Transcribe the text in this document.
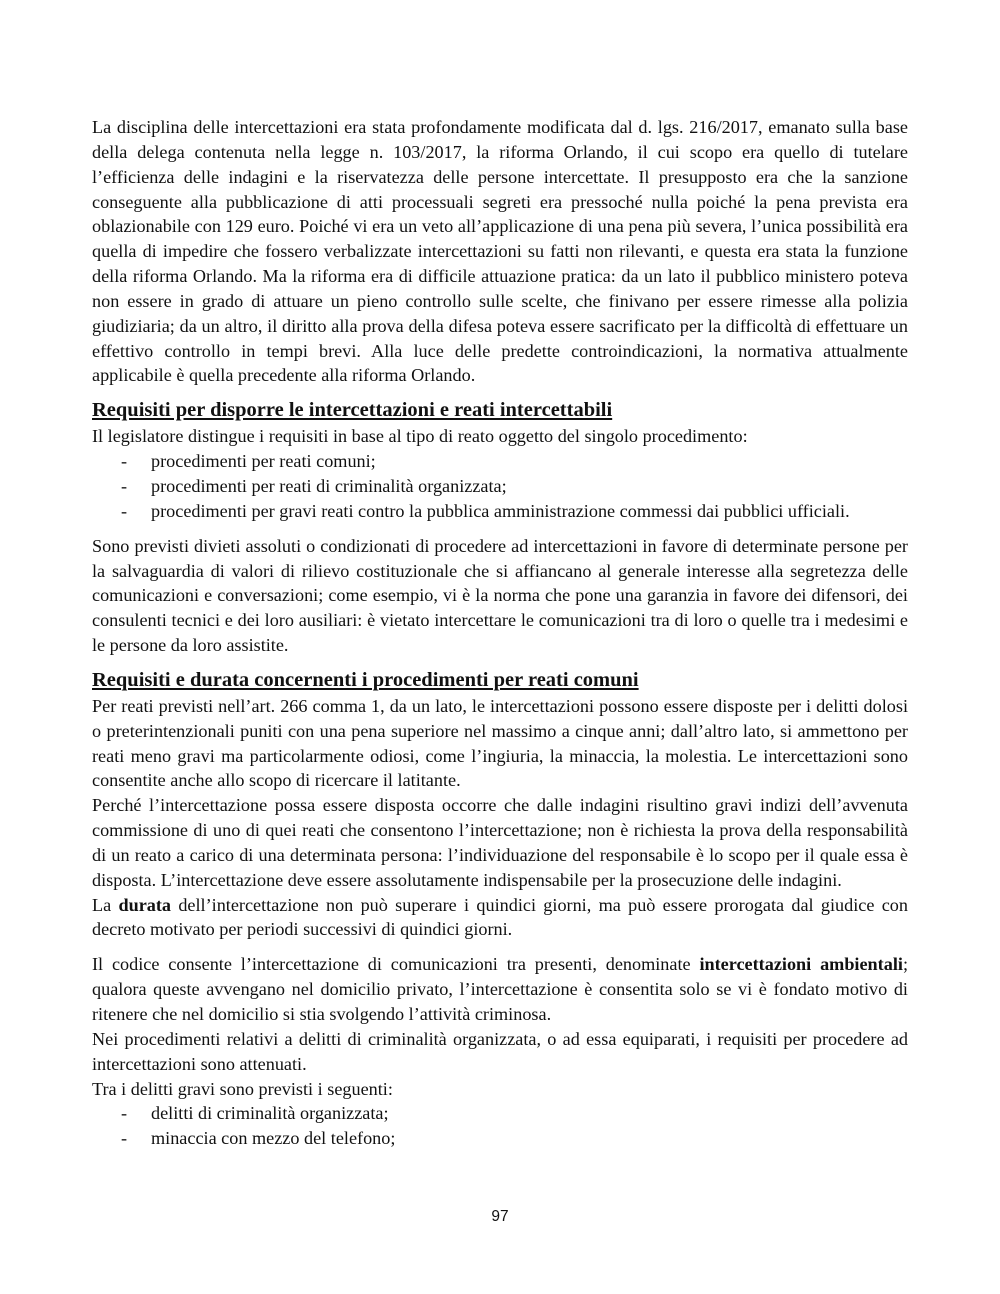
La disciplina delle intercettazioni era stata profondamente modificata dal d. lgs. 216/2017, emanato sulla base della delega contenuta nella legge n. 103/2017, la riforma Orlando, il cui scopo era quello di tutelare l’efficienza delle indagini e la riservatezza delle persone intercettate. Il presupposto era che la sanzione conseguente alla pubblicazione di atti processuali segreti era pressoché nulla poiché la pena prevista era oblazionabile con 129 euro. Poiché vi era un veto all’applicazione di una pena più severa, l’unica possibilità era quella di impedire che fossero verbalizzate intercettazioni su fatti non rilevanti, e questa era stata la funzione della riforma Orlando. Ma la riforma era di difficile attuazione pratica: da un lato il pubblico ministero poteva non essere in grado di attuare un pieno controllo sulle scelte, che finivano per essere rimesse alla polizia giudiziaria; da un altro, il diritto alla prova della difesa poteva essere sacrificato per la difficoltà di effettuare un effettivo controllo in tempi brevi. Alla luce delle predette controindicazioni, la normativa attualmente applicabile è quella precedente alla riforma Orlando.

Requisiti per disporre le intercettazioni e reati intercettabili

Il legislatore distingue i requisiti in base al tipo di reato oggetto del singolo procedimento:

- procedimenti per reati comuni;
- procedimenti per reati di criminalità organizzata;
- procedimenti per gravi reati contro la pubblica amministrazione commessi dai pubblici ufficiali.

Sono previsti divieti assoluti o condizionati di procedere ad intercettazioni in favore di determinate persone per la salvaguardia di valori di rilievo costituzionale che si affiancano al generale interesse alla segretezza delle comunicazioni e conversazioni; come esempio, vi è la norma che pone una garanzia in favore dei difensori, dei consulenti tecnici e dei loro ausiliari: è vietato intercettare le comunicazioni tra di loro o quelle tra i medesimi e le persone da loro assistite.

Requisiti e durata concernenti i procedimenti per reati comuni

Per reati previsti nell’art. 266 comma 1, da un lato, le intercettazioni possono essere disposte per i delitti dolosi o preterintenzionali puniti con una pena superiore nel massimo a cinque anni; dall’altro lato, si ammettono per reati meno gravi ma particolarmente odiosi, come l’ingiuria, la minaccia, la molestia. Le intercettazioni sono consentite anche allo scopo di ricercare il latitante.

Perché l’intercettazione possa essere disposta occorre che dalle indagini risultino gravi indizi dell’avvenuta commissione di uno di quei reati che consentono l’intercettazione; non è richiesta la prova della responsabilità di un reato a carico di una determinata persona: l’individuazione del responsabile è lo scopo per il quale essa è disposta. L’intercettazione deve essere assolutamente indispensabile per la prosecuzione delle indagini.

La durata dell’intercettazione non può superare i quindici giorni, ma può essere prorogata dal giudice con decreto motivato per periodi successivi di quindici giorni.

Il codice consente l’intercettazione di comunicazioni tra presenti, denominate intercettazioni ambientali; qualora queste avvengano nel domicilio privato, l’intercettazione è consentita solo se vi è fondato motivo di ritenere che nel domicilio si stia svolgendo l’attività criminosa.

Nei procedimenti relativi a delitti di criminalità organizzata, o ad essa equiparati, i requisiti per procedere ad intercettazioni sono attenuati.

Tra i delitti gravi sono previsti i seguenti:

- delitti di criminalità organizzata;
- minaccia con mezzo del telefono;
97
